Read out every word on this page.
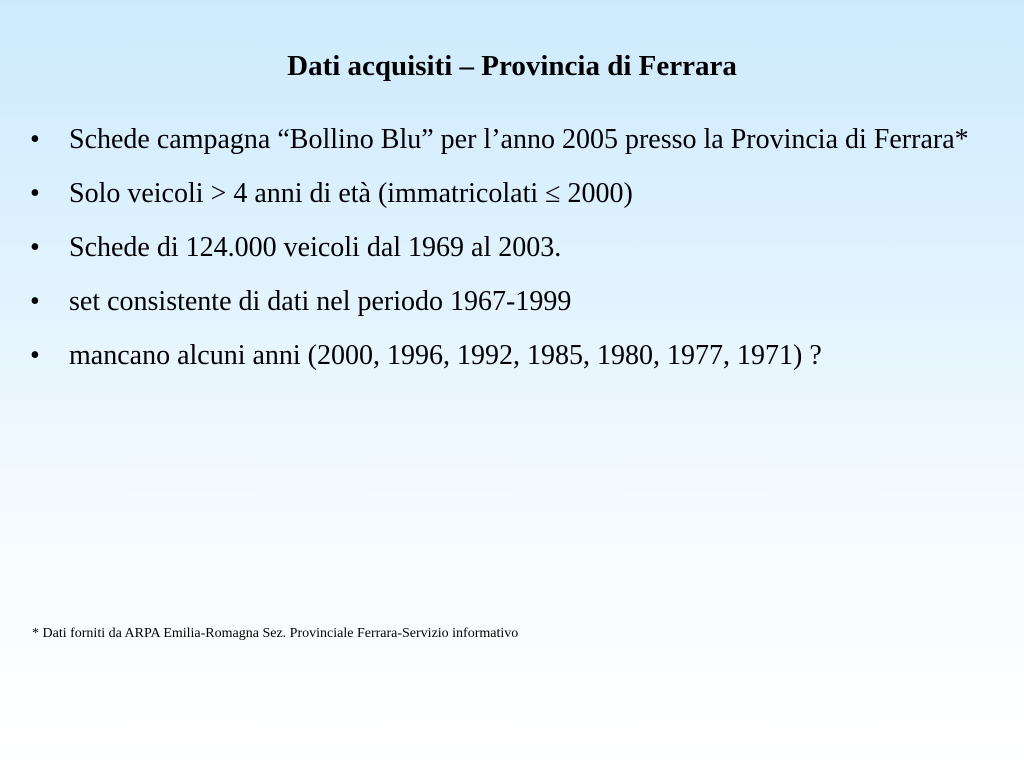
Dati acquisiti – Provincia di Ferrara
•	Schede campagna “Bollino Blu” per l’anno 2005 presso la Provincia di Ferrara*
•	Solo veicoli > 4 anni di età (immatricolati ≤ 2000)
•	Schede di 124.000 veicoli dal 1969 al 2003.
•	set consistente di dati nel periodo 1967-1999
•	mancano alcuni anni (2000, 1996, 1992, 1985, 1980, 1977, 1971) ?

* Dati forniti da ARPA Emilia-Romagna Sez. Provinciale Ferrara-Servizio informativo
